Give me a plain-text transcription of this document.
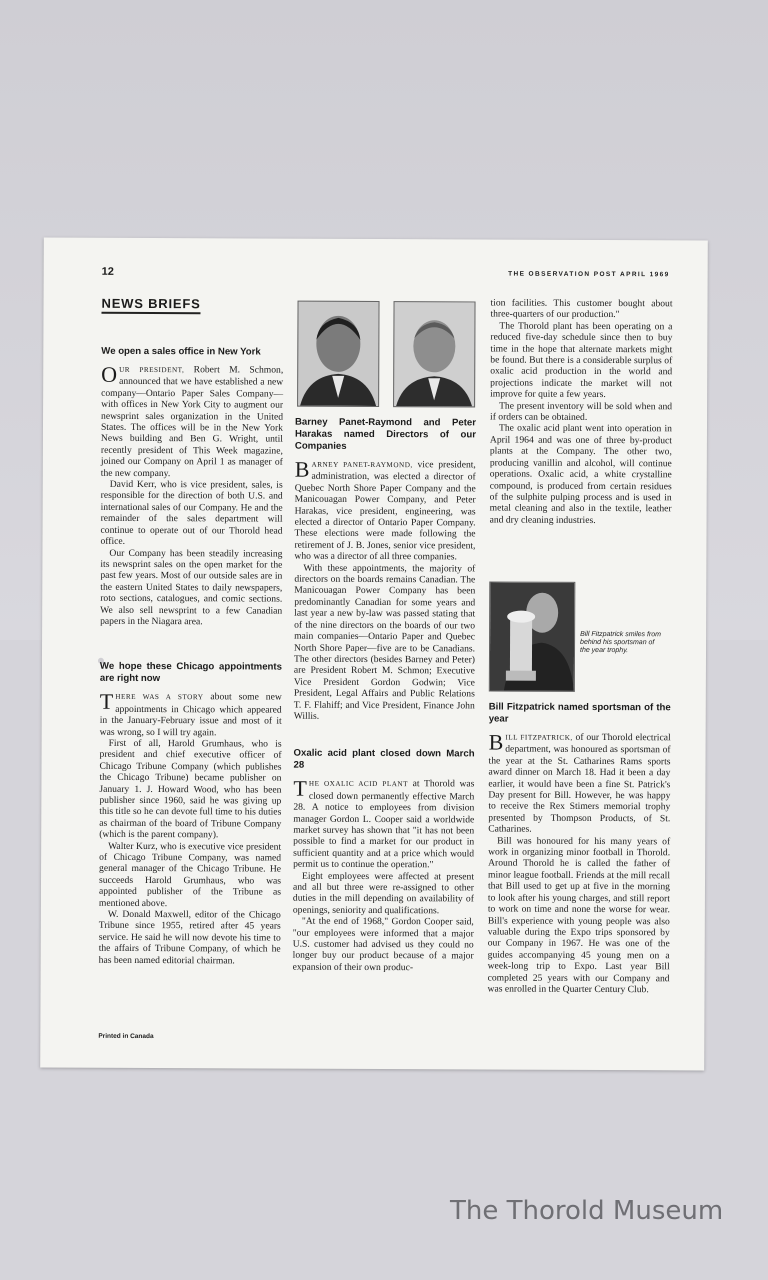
12	THE OBSERVATION POST APRIL 1969
NEWS BRIEFS
We open a sales office in New York

OUR PRESIDENT, Robert M. Schmon, announced that we have established a new company—Ontario Paper Sales Company—with offices in New York City to augment our newsprint sales organization in the United States. The offices will be in the New York News building and Ben G. Wright, until recently president of This Week magazine, joined our Company on April 1 as manager of the new company.

David Kerr, who is vice president, sales, is responsible for the direction of both U.S. and international sales of our Company. He and the remainder of the sales department will continue to operate out of our Thorold head office.

Our Company has been steadily increasing its newsprint sales on the open market for the past few years. Most of our outside sales are in the eastern United States to daily newspapers, roto sections, catalogues, and comic sections. We also sell newsprint to a few Canadian papers in the Niagara area.

We hope these Chicago appointments are right now

THERE WAS A STORY about some new appointments in Chicago which appeared in the January-February issue and most of it was wrong, so I will try again.

First of all, Harold Grumhaus, who is president and chief executive officer of Chicago Tribune Company (which publishes the Chicago Tribune) became publisher on January 1. J. Howard Wood, who has been publisher since 1960, said he was giving up this title so he can devote full time to his duties as chairman of the board of Tribune Company (which is the parent company).

Walter Kurz, who is executive vice president of Chicago Tribune Company, was named general manager of the Chicago Tribune. He succeeds Harold Grumhaus, who was appointed publisher of the Tribune as mentioned above.

W. Donald Maxwell, editor of the Chicago Tribune since 1955, retired after 45 years service. He said he will now devote his time to the affairs of Tribune Company, of which he has been named editorial chairman.

Printed in Canada
Barney Panet-Raymond and Peter Harakas named Directors of our Companies

BARNEY PANET-RAYMOND, vice president, administration, was elected a director of Quebec North Shore Paper Company and the Manicouagan Power Company, and Peter Harakas, vice president, engineering, was elected a director of Ontario Paper Company. These elections were made following the retirement of J. B. Jones, senior vice president, who was a director of all three companies.

With these appointments, the majority of directors on the boards remains Canadian. The Manicouagan Power Company has been predominantly Canadian for some years and last year a new by-law was passed stating that of the nine directors on the boards of our two main companies—Ontario Paper and Quebec North Shore Paper—five are to be Canadians. The other directors (besides Barney and Peter) are President Robert M. Schmon; Executive Vice President Gordon Godwin; Vice President, Legal Affairs and Public Relations T. F. Flahiff; and Vice President, Finance John Willis.

Oxalic acid plant closed down March 28

THE OXALIC ACID PLANT at Thorold was closed down permanently effective March 28. A notice to employees from division manager Gordon L. Cooper said a worldwide market survey has shown that "it has not been possible to find a market for our product in sufficient quantity and at a price which would permit us to continue the operation."

Eight employees were affected at present and all but three were re-assigned to other duties in the mill depending on availability of openings, seniority and qualifications.

"At the end of 1968," Gordon Cooper said, "our employees were informed that a major U.S. customer had advised us they could no longer buy our product because of a major expansion of their own produc-

tion facilities. This customer bought about three-quarters of our production."

The Thorold plant has been operating on a reduced five-day schedule since then to buy time in the hope that alternate markets might be found. But there is a considerable surplus of oxalic acid production in the world and projections indicate the market will not improve for quite a few years.

The present inventory will be sold when and if orders can be obtained.

The oxalic acid plant went into operation in April 1964 and was one of three by-product plants at the Company. The other two, producing vanillin and alcohol, will continue operations. Oxalic acid, a white crystalline compound, is produced from certain residues of the sulphite pulping process and is used in metal cleaning and also in the textile, leather and dry cleaning industries.

Bill Fitzpatrick smiles from behind his sportsman of the year trophy.
Bill Fitzpatrick named sportsman of the year

BILL FITZPATRICK, of our Thorold electrical department, was honoured as sportsman of the year at the St. Catharines Rams sports award dinner on March 18. Had it been a day earlier, it would have been a fine St. Patrick's Day present for Bill. However, he was happy to receive the Rex Stimers memorial trophy presented by Thompson Products, of St. Catharines.

Bill was honoured for his many years of work in organizing minor football in Thorold. Around Thorold he is called the father of minor league football. Friends at the mill recall that Bill used to get up at five in the morning to look after his young charges, and still report to work on time and none the worse for wear. Bill's experience with young people was also valuable during the Expo trips sponsored by our Company in 1967. He was one of the guides accompanying 45 young men on a week-long trip to Expo. Last year Bill completed 25 years with our Company and was enrolled in the Quarter Century Club.

The Thorold Museum
